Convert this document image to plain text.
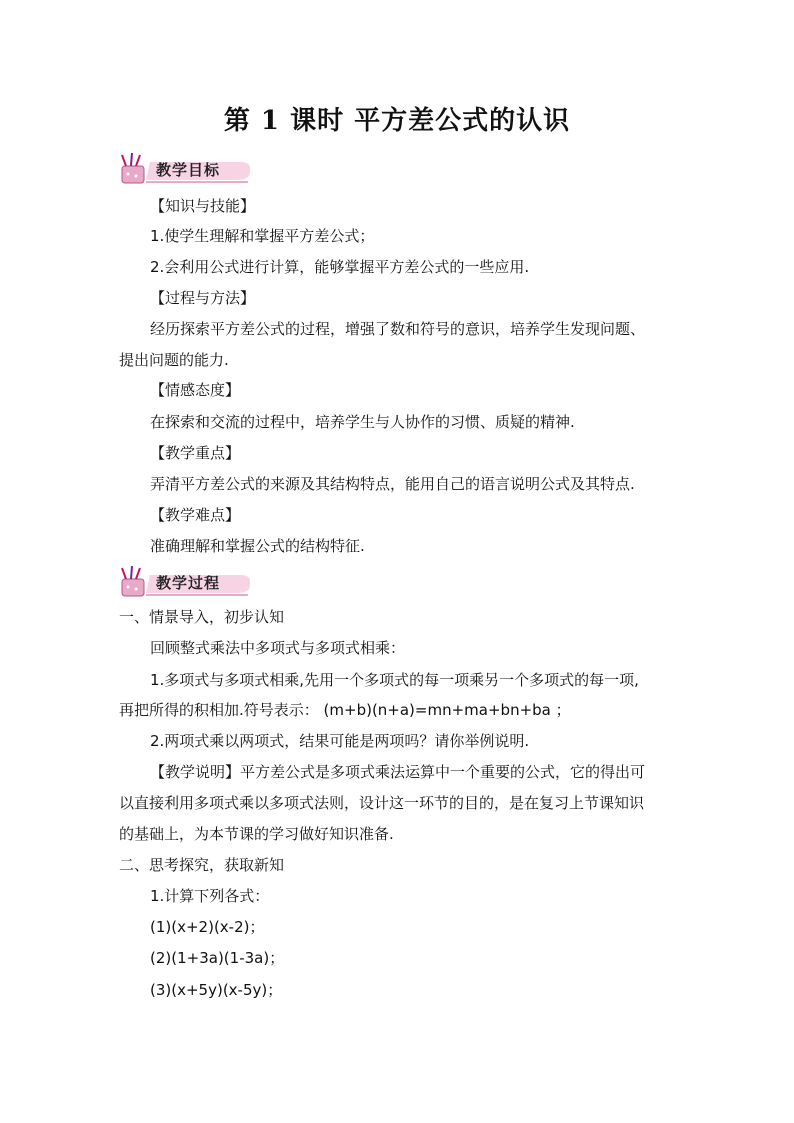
第 1 课时 平方差公式的认识
教学目标
【知识与技能】
1.使学生理解和掌握平方差公式；
2.会利用公式进行计算，能够掌握平方差公式的一些应用.
【过程与方法】
经历探索平方差公式的过程，增强了数和符号的意识，培养学生发现问题、
提出问题的能力.
【情感态度】
在探索和交流的过程中，培养学生与人协作的习惯、质疑的精神.
【教学重点】
弄清平方差公式的来源及其结构特点，能用自己的语言说明公式及其特点.
【教学难点】
准确理解和掌握公式的结构特征.
教学过程
一、情景导入，初步认知
回顾整式乘法中多项式与多项式相乘：
1.多项式与多项式相乘,先用一个多项式的每一项乘另一个多项式的每一项,
再把所得的积相加.符号表示： (m+b)(n+a)=mn+ma+bn+ba ；
2.两项式乘以两项式，结果可能是两项吗？请你举例说明.
【教学说明】平方差公式是多项式乘法运算中一个重要的公式，它的得出可
以直接利用多项式乘以多项式法则，设计这一环节的目的，是在复习上节课知识
的基础上，为本节课的学习做好知识准备.
二、思考探究，获取新知
1.计算下列各式：
(1)(x+2)(x-2)；
(2)(1+3a)(1-3a)；
(3)(x+5y)(x-5y)；
